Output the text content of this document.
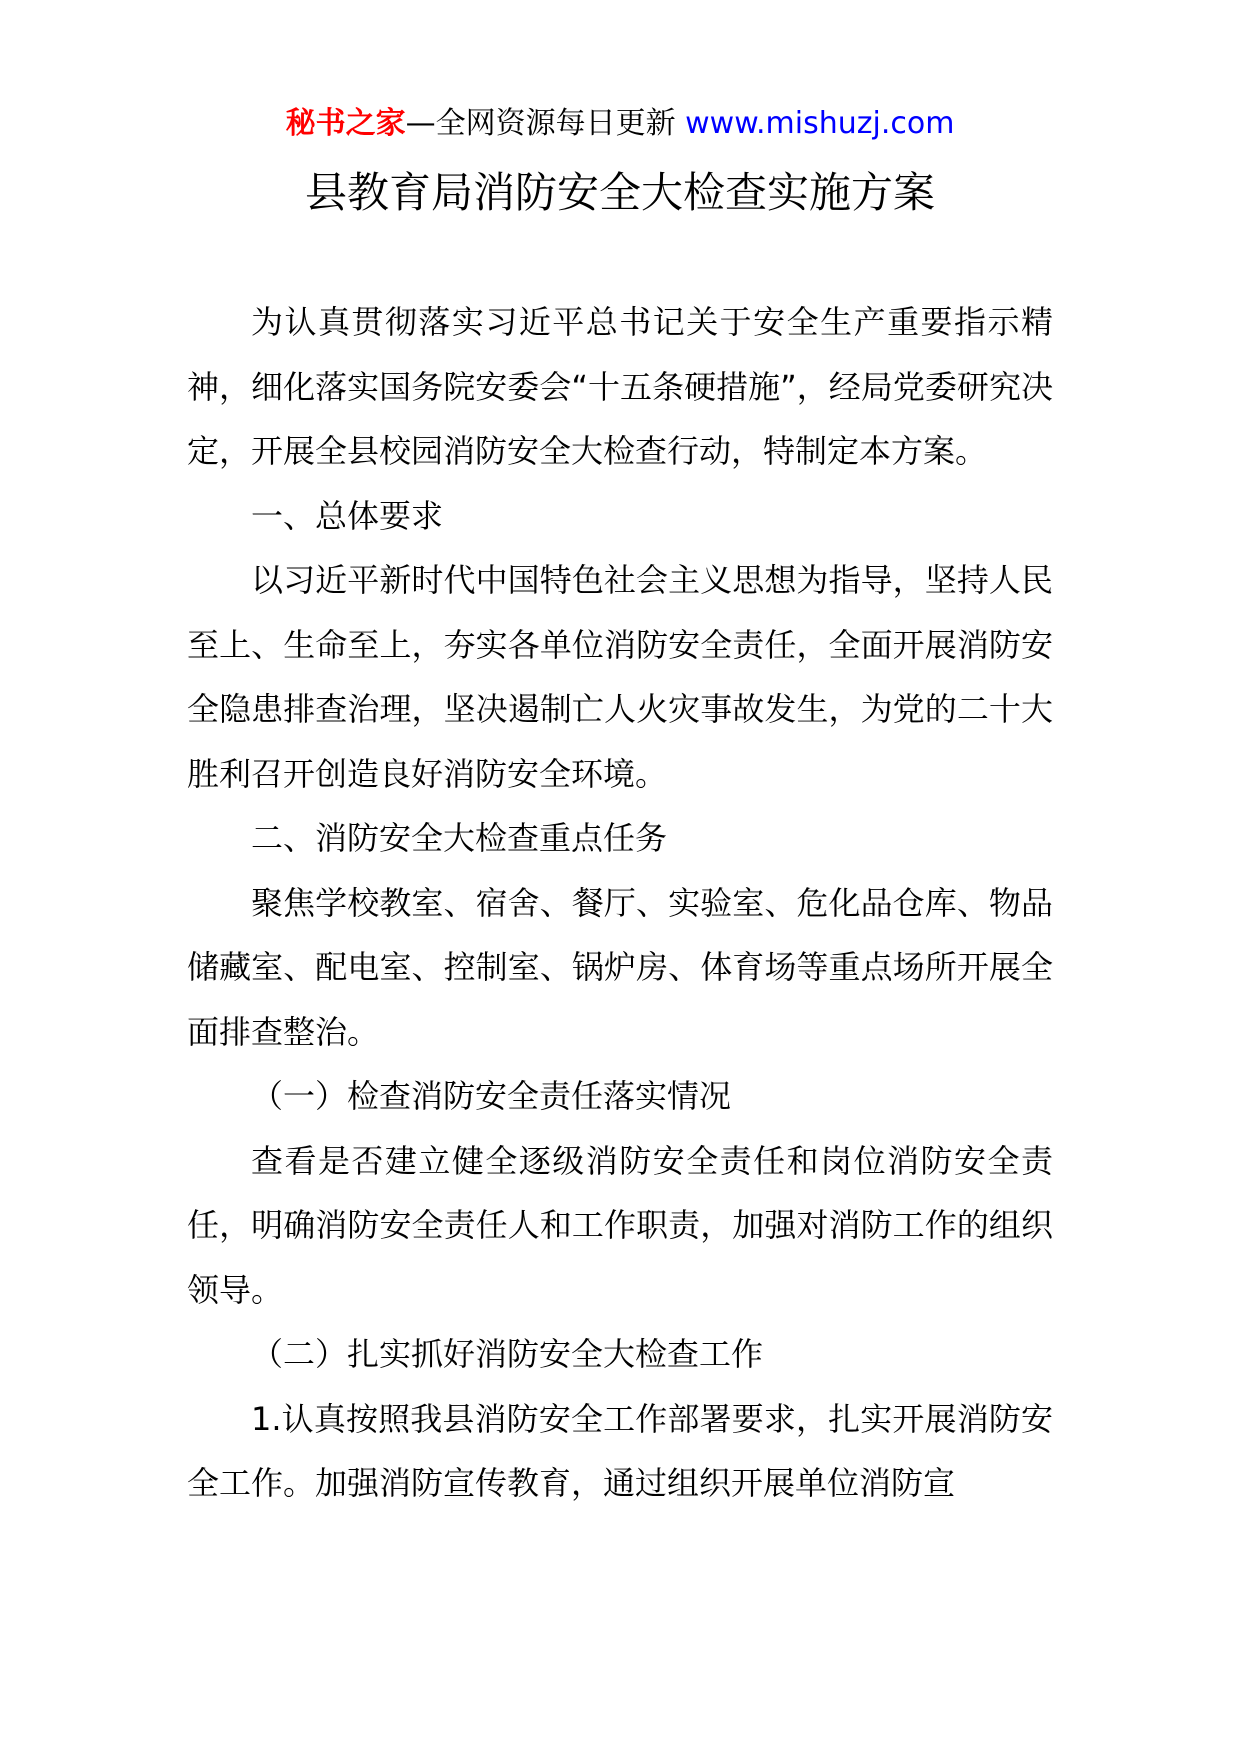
秘书之家—全网资源每日更新 www.mishuzj.com
县教育局消防安全大检查实施方案

为认真贯彻落实习近平总书记关于安全生产重要指示精神，细化落实国务院安委会“十五条硬措施”，经局党委研究决定，开展全县校园消防安全大检查行动，特制定本方案。

一、总体要求

以习近平新时代中国特色社会主义思想为指导，坚持人民至上、生命至上，夯实各单位消防安全责任，全面开展消防安全隐患排查治理，坚决遏制亡人火灾事故发生，为党的二十大胜利召开创造良好消防安全环境。

二、消防安全大检查重点任务

聚焦学校教室、宿舍、餐厅、实验室、危化品仓库、物品储藏室、配电室、控制室、锅炉房、体育场等重点场所开展全面排查整治。

（一）检查消防安全责任落实情况

查看是否建立健全逐级消防安全责任和岗位消防安全责任，明确消防安全责任人和工作职责，加强对消防工作的组织领导。

（二）扎实抓好消防安全大检查工作

1.认真按照我县消防安全工作部署要求，扎实开展消防安全工作。加强消防宣传教育，通过组织开展单位消防宣
